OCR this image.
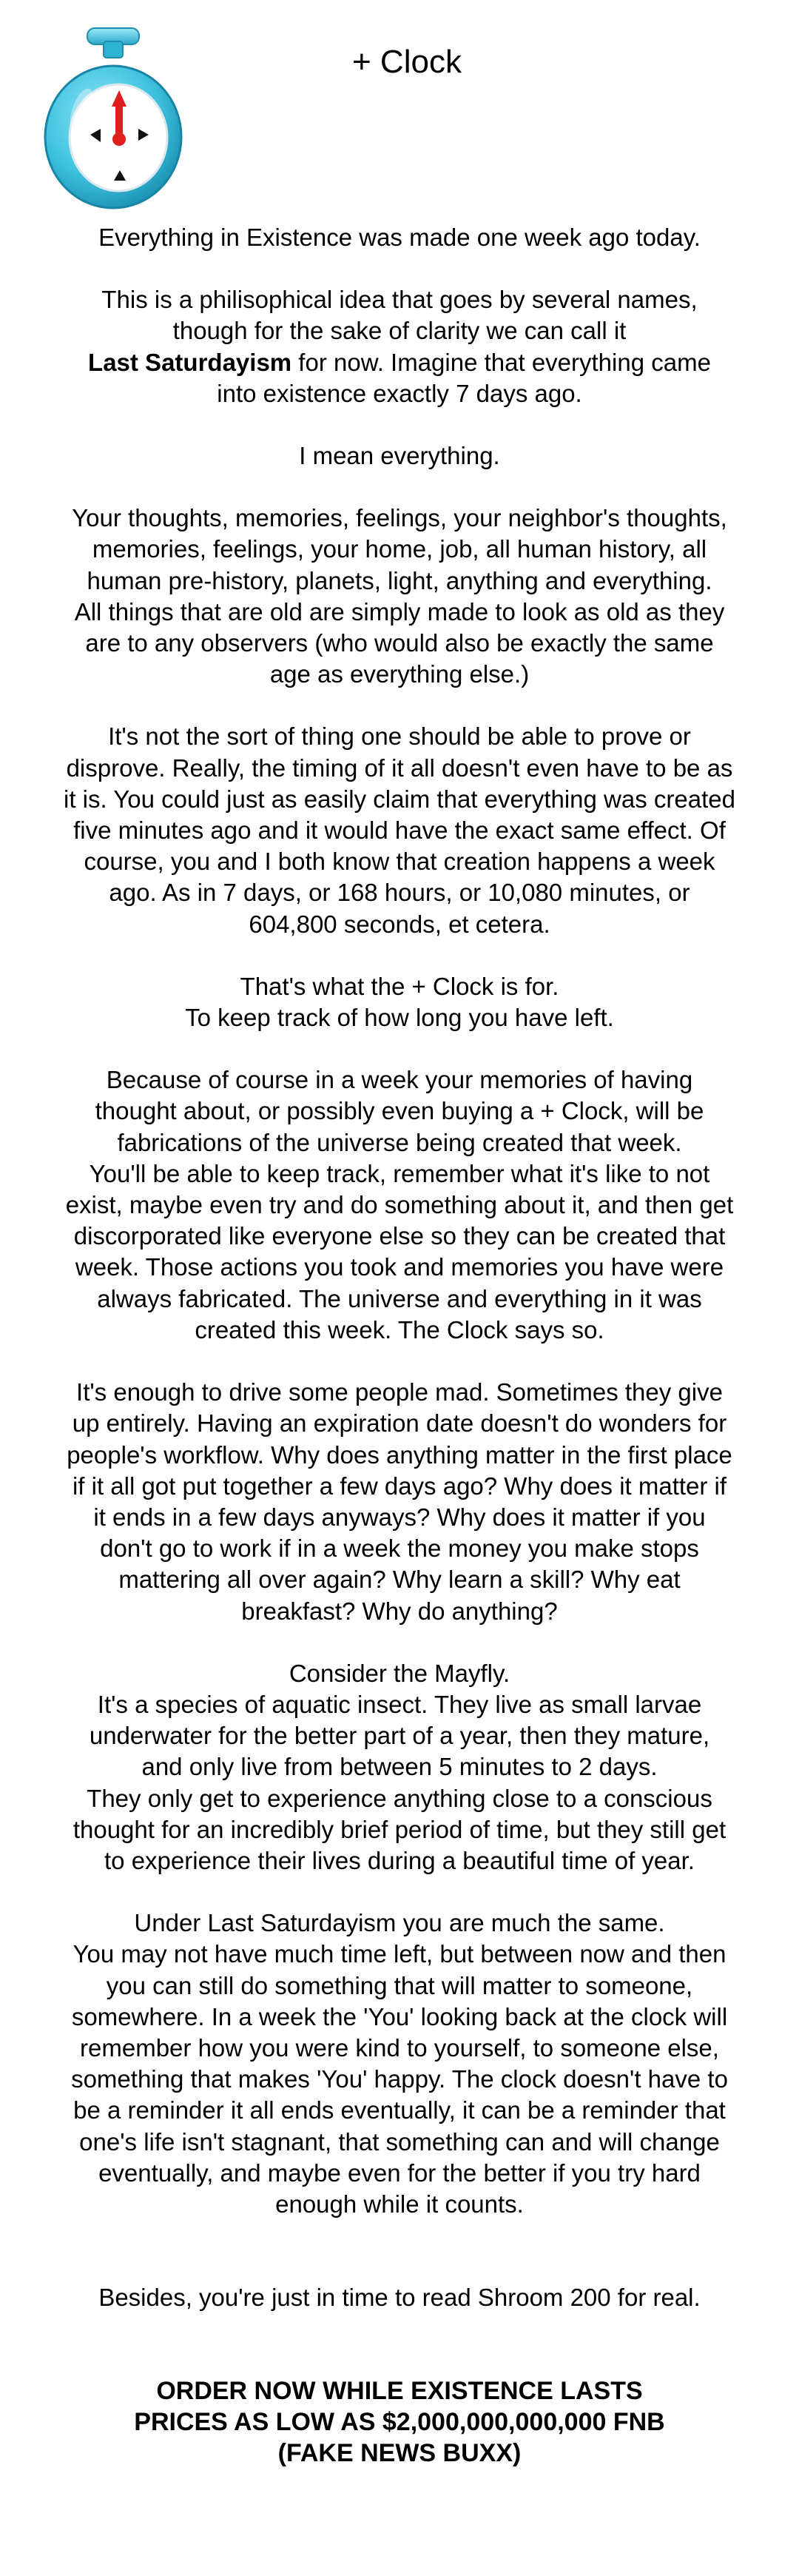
+ Clock
Everything in Existence was made one week ago today.
This is a philisophical idea that goes by several names,
though for the sake of clarity we can call it
Last Saturdayism for now. Imagine that everything came
into existence exactly 7 days ago.
I mean everything.
Your thoughts, memories, feelings, your neighbor's thoughts,
memories, feelings, your home, job, all human history, all
human pre-history, planets, light, anything and everything.
All things that are old are simply made to look as old as they
are to any observers (who would also be exactly the same
age as everything else.)
It's not the sort of thing one should be able to prove or
disprove. Really, the timing of it all doesn't even have to be as
it is. You could just as easily claim that everything was created
five minutes ago and it would have the exact same effect. Of
course, you and I both know that creation happens a week
ago. As in 7 days, or 168 hours, or 10,080 minutes, or
604,800 seconds, et cetera.
That's what the + Clock is for.
To keep track of how long you have left.
Because of course in a week your memories of having
thought about, or possibly even buying a + Clock, will be
fabrications of the universe being created that week.
You'll be able to keep track, remember what it's like to not
exist, maybe even try and do something about it, and then get
discorporated like everyone else so they can be created that
week. Those actions you took and memories you have were
always fabricated. The universe and everything in it was
created this week. The Clock says so.
It's enough to drive some people mad. Sometimes they give
up entirely. Having an expiration date doesn't do wonders for
people's workflow. Why does anything matter in the first place
if it all got put together a few days ago? Why does it matter if
it ends in a few days anyways? Why does it matter if you
don't go to work if in a week the money you make stops
mattering all over again? Why learn a skill? Why eat
breakfast? Why do anything?
Consider the Mayfly.
It's a species of aquatic insect. They live as small larvae
underwater for the better part of a year, then they mature,
and only live from between 5 minutes to 2 days.
They only get to experience anything close to a conscious
thought for an incredibly brief period of time, but they still get
to experience their lives during a beautiful time of year.
Under Last Saturdayism you are much the same.
You may not have much time left, but between now and then
you can still do something that will matter to someone,
somewhere. In a week the 'You' looking back at the clock will
remember how you were kind to yourself, to someone else,
something that makes 'You' happy. The clock doesn't have to
be a reminder it all ends eventually, it can be a reminder that
one's life isn't stagnant, that something can and will change
eventually, and maybe even for the better if you try hard
enough while it counts.
Besides, you're just in time to read Shroom 200 for real.
ORDER NOW WHILE EXISTENCE LASTS
PRICES AS LOW AS $2,000,000,000,000 FNB
(FAKE NEWS BUXX)
